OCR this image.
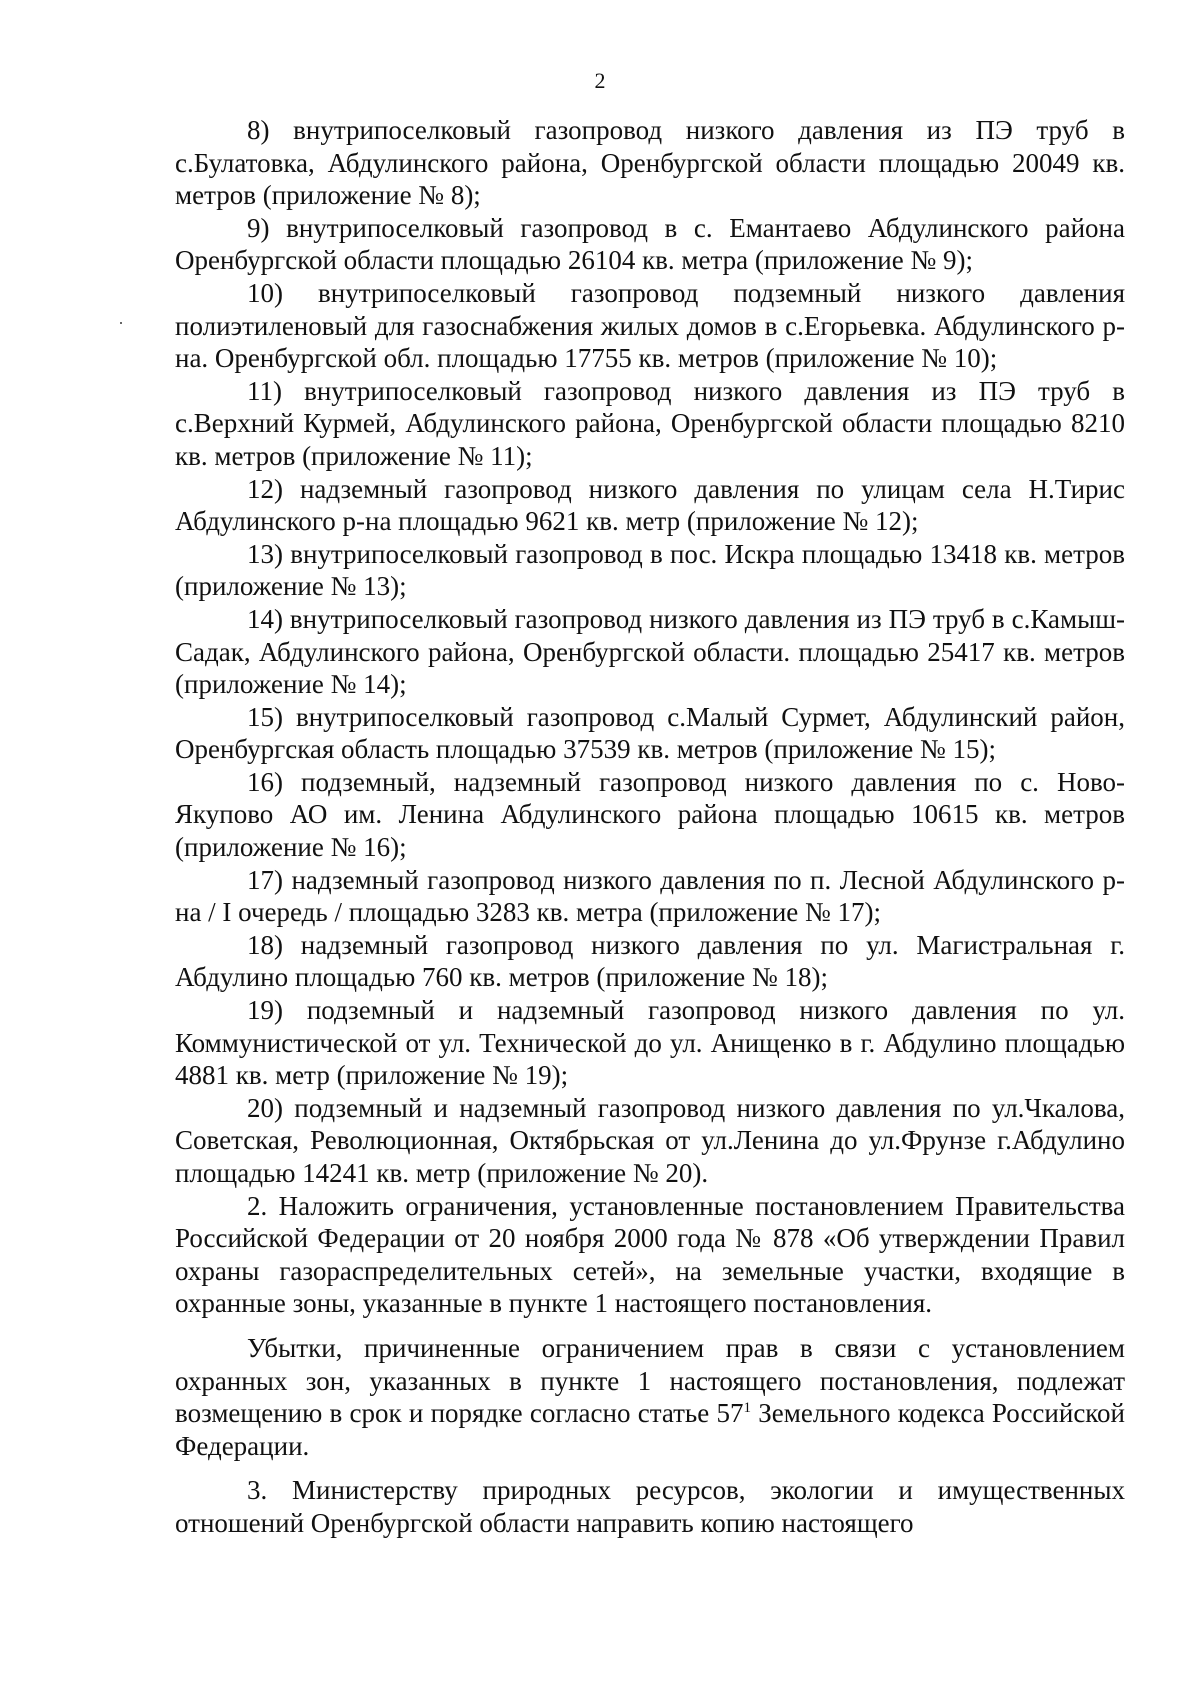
2

8) внутрипоселковый газопровод низкого давления из ПЭ труб в с.Булатовка, Абдулинского района, Оренбургской области площадью 20049 кв. метров (приложение № 8);

9) внутрипоселковый газопровод в с. Емантаево Абдулинского района Оренбургской области площадью 26104 кв. метра (приложение № 9);

10) внутрипоселковый газопровод подземный низкого давления полиэтиленовый для газоснабжения жилых домов в с.Егорьевка. Абдулинского р-на. Оренбургской обл. площадью 17755 кв. метров (приложение № 10);

11) внутрипоселковый газопровод низкого давления из ПЭ труб в с.Верхний Курмей, Абдулинского района, Оренбургской области площадью 8210 кв. метров (приложение № 11);

12) надземный газопровод низкого давления по улицам села Н.Тирис Абдулинского р-на площадью 9621 кв. метр (приложение № 12);

13) внутрипоселковый газопровод в пос. Искра площадью 13418 кв. метров (приложение № 13);

14) внутрипоселковый газопровод низкого давления из ПЭ труб в с.Камыш-Садак, Абдулинского района, Оренбургской области. площадью 25417 кв. метров (приложение № 14);

15) внутрипоселковый газопровод с.Малый Сурмет, Абдулинский район, Оренбургская область площадью 37539 кв. метров (приложение № 15);

16) подземный, надземный газопровод низкого давления по с. Ново-Якупово АО им. Ленина Абдулинского района площадью 10615 кв. метров (приложение № 16);

17) надземный газопровод низкого давления по п. Лесной Абдулинского р-на / I очередь / площадью 3283 кв. метра (приложение № 17);

18) надземный газопровод низкого давления по ул. Магистральная г. Абдулино площадью 760 кв. метров (приложение № 18);

19) подземный и надземный газопровод низкого давления по ул. Коммунистической от ул. Технической до ул. Анищенко в г. Абдулино площадью 4881 кв. метр (приложение № 19);

20) подземный и надземный газопровод низкого давления по ул.Чкалова, Советская, Революционная, Октябрьская от ул.Ленина до ул.Фрунзе г.Абдулино площадью 14241 кв. метр (приложение № 20).

2. Наложить ограничения, установленные постановлением Правительства Российской Федерации от 20 ноября 2000 года № 878 «Об утверждении Правил охраны газораспределительных сетей», на земельные участки, входящие в охранные зоны, указанные в пункте 1 настоящего постановления.

Убытки, причиненные ограничением прав в связи с установлением охранных зон, указанных в пункте 1 настоящего постановления, подлежат возмещению в срок и порядке согласно статье $57^1$ Земельного кодекса Российской Федерации.

3. Министерству природных ресурсов, экологии и имущественных отношений Оренбургской области направить копию настоящего
